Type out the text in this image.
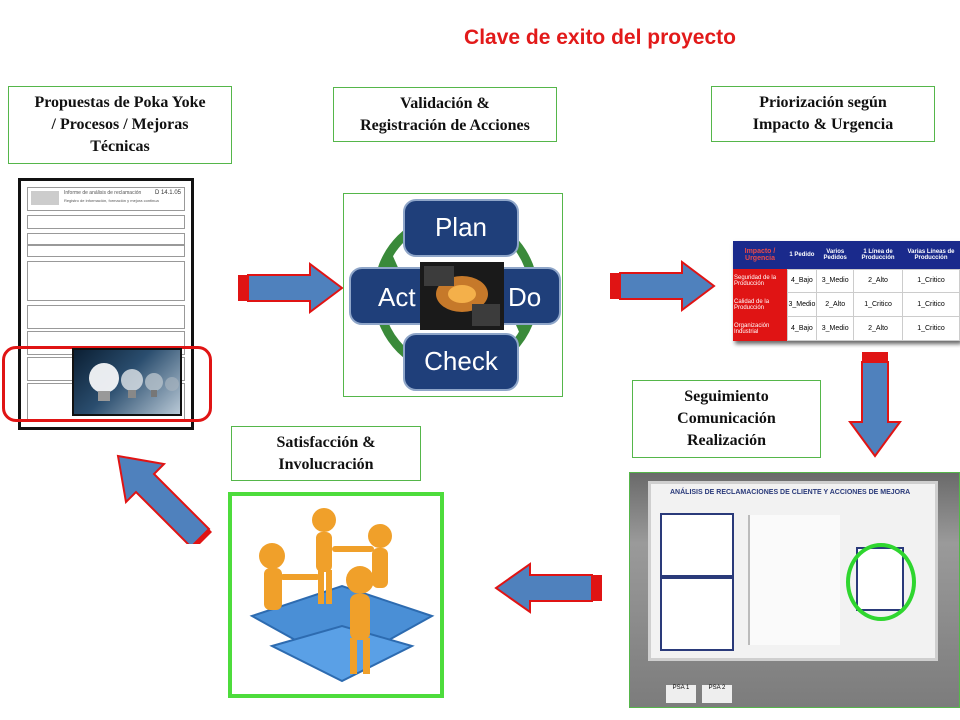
Clave de exito del proyecto
Propuestas de Poka Yoke
/ Procesos / Mejoras
Técnicas
Validación &
Registración de Acciones
Priorización según
Impacto & Urgencia
Seguimiento
Comunicación
Realización
Satisfacción &
Involucración
Informe de análisis de reclamación
Registro de información, formación y mejora continua
D 14.1.05
Plan
Act	Do
Check
Impacto / Urgencia	1 Pedido	Varios Pedidos	1 Línea de Producción	Varias Líneas de Producción
Seguridad de la Producción	4_Bajo	3_Medio	2_Alto	1_Critico
Calidad de la Producción	3_Medio	2_Alto	1_Critico	1_Critico
Organización Industrial	4_Bajo	3_Medio	2_Alto	1_Critico
ANÁLISIS DE RECLAMACIONES DE CLIENTE Y ACCIONES DE MEJORA
PSA 1	PSA 2
